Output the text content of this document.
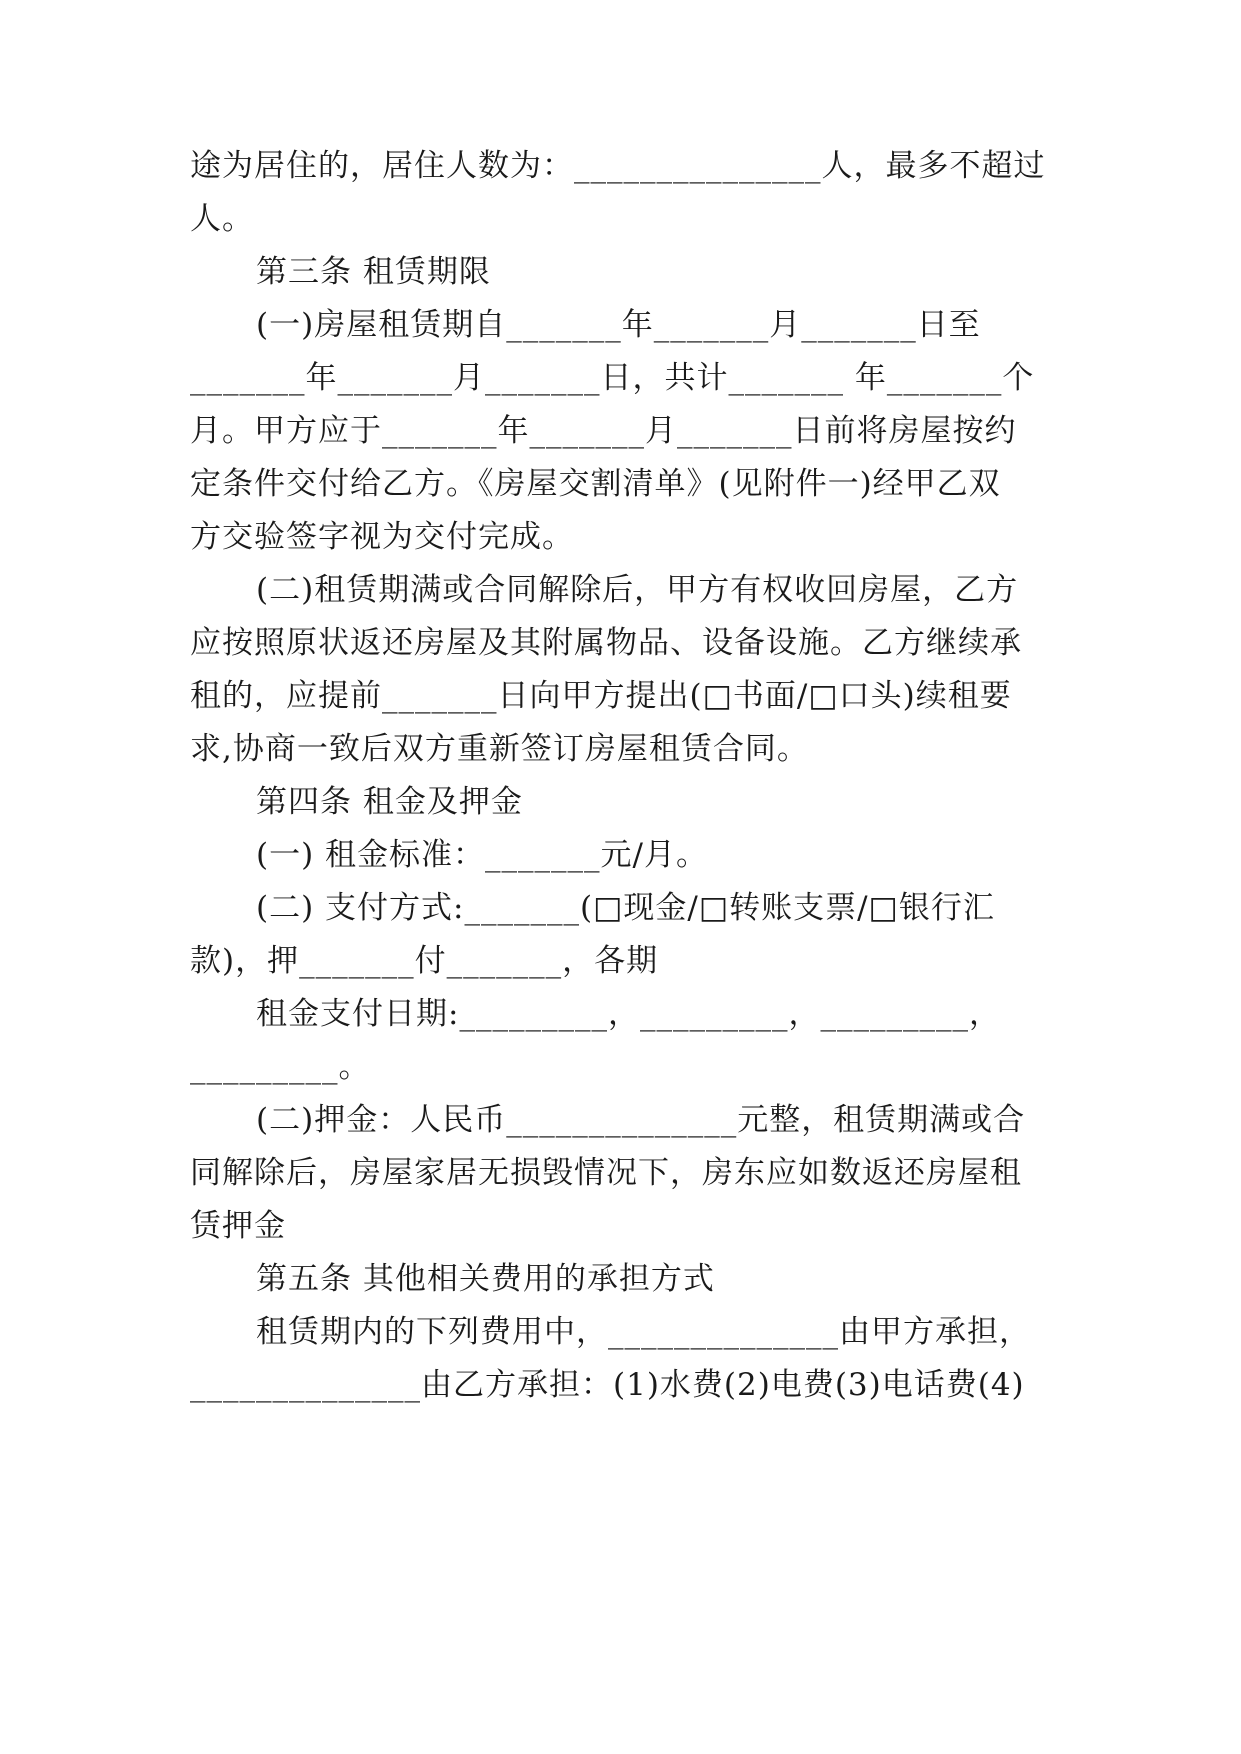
途为居住的，居住人数为：_______________人，最多不超过
人。
第三条 租赁期限
(一)房屋租赁期自_______年_______月_______日至
_______年_______月_______日，共计_______ 年_______个
月。甲方应于_______年_______月_______日前将房屋按约
定条件交付给乙方。《房屋交割清单》(见附件一)经甲乙双
方交验签字视为交付完成。
(二)租赁期满或合同解除后，甲方有权收回房屋，乙方
应按照原状返还房屋及其附属物品、设备设施。乙方继续承
租的，应提前_______日向甲方提出(□书面/□口头)续租要
求,协商一致后双方重新签订房屋租赁合同。
第四条 租金及押金
(一) 租金标准：_______元/月。
(二) 支付方式:_______(□现金/□转账支票/□银行汇
款)，押_______付_______，各期
租金支付日期:_________，_________，_________，
_________。
(二)押金：人民币______________元整，租赁期满或合
同解除后，房屋家居无损毁情况下，房东应如数返还房屋租
赁押金
第五条 其他相关费用的承担方式
租赁期内的下列费用中，______________由甲方承担，
______________由乙方承担：(1)水费(2)电费(3)电话费(4)
